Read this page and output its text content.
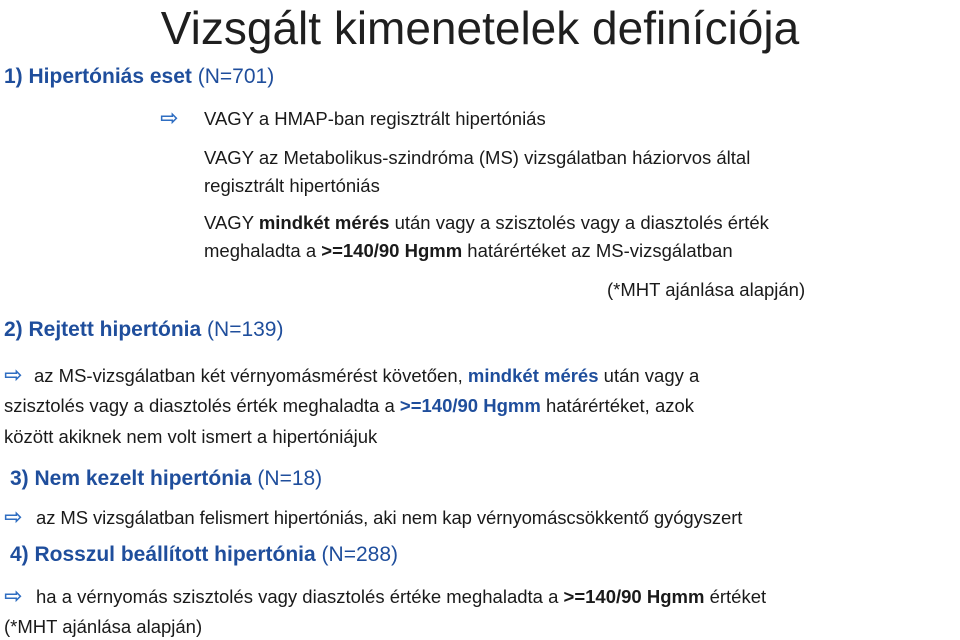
Vizsgált kimenetelek definíciója
1) Hipertóniás eset (N=701)
⇨ VAGY a HMAP-ban regisztrált hipertóniás
VAGY az Metabolikus-szindróma (MS) vizsgálatban háziorvos által
regisztrált hipertóniás
VAGY mindkét mérés után vagy a szisztolés vagy a diasztolés érték
meghaladta a >=140/90 Hgmm határértéket az MS-vizsgálatban
(*MHT ajánlása alapján)
2) Rejtett hipertónia (N=139)
⇨ az MS-vizsgálatban két vérnyomásmérést követően, mindkét mérés után vagy a
szisztolés vagy a diasztolés érték meghaladta a >=140/90 Hgmm határértéket, azok
között akiknek nem volt ismert a hipertóniájuk
3) Nem kezelt hipertónia (N=18)
⇨ az MS vizsgálatban felismert hipertóniás, aki nem kap vérnyomáscsökkentő gyógyszert
4) Rosszul beállított hipertónia (N=288)
⇨ ha a vérnyomás szisztolés vagy diasztolés értéke meghaladta a >=140/90 Hgmm értéket
(*MHT ajánlása alapján)
